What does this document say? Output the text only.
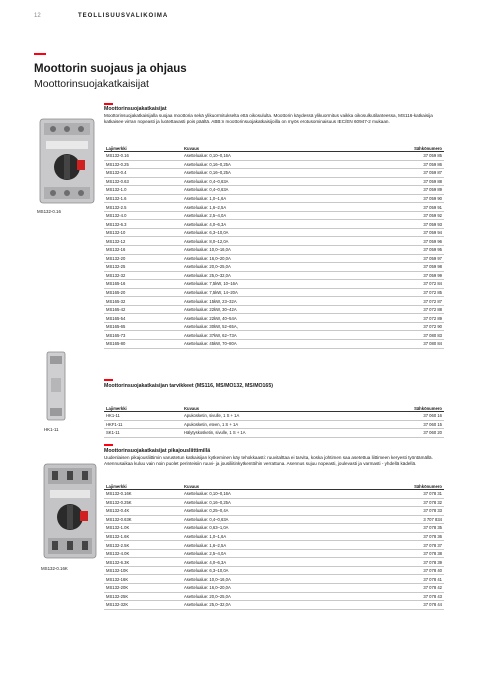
12	TEOLLISUUSVALIKOIMA
Moottorin suojaus ja ohjaus
Moottorinsuojakatkaisijat
Moottorinsuojakatkaisijat
Moottorinsuojakatkaisijalla suojaa moottoria sekä ylikuormitukselta että oikosululta. Moottorin käydessä ylikuormitus vaikka oikosulkutilanteessa, MS116-katkaisija katkaisee virran nopeasti ja luotettavasti pois päältä. ABB:n moottorinsuojakatkaisijoilla on myös erotusominaisuus IEC/EN 60947-2 mukaan.
MS132-0.16
Lajimerkki	Kuvaus	Sähkönumero
MS132-0.16	Asettelualue: 0,10–0,16A	37 059 85
MS132-0.25	Asettelualue: 0,16–0,25A	37 059 86
MS132-0.4	Asettelualue: 0,16–0,25A	37 059 87
MS132-0.63	Asettelualue: 0,4–0,63A	37 059 88
MS132-1.0	Asettelualue: 0,4–0,63A	37 059 89
MS132-1.6	Asettelualue: 1,0–1,6A	37 059 90
MS132-2.5	Asettelualue: 1,6–2,5A	37 059 91
MS132-4.0	Asettelualue: 2,5–4,0A	37 059 92
MS132-6.3	Asettelualue: 4,0–6,3A	37 059 93
MS132-10	Asettelualue: 6,3–10,0A	37 059 94
MS132-12	Asettelualue: 8,0–12,0A	37 059 96
MS132-16	Asettelualue: 10,0–16,0A	37 059 95
MS132-20	Asettelualue: 16,0–20,0A	37 059 97
MS132-25	Asettelualue: 20,0–25,0A	37 059 98
MS132-32	Asettelualue: 25,0–32,0A	37 059 99
MS165-16	Asettelualue: 7,5kW, 10–16A	37 072 84
MS165-20	Asettelualue: 7,5kW, 14–20A	37 072 85
MS165-32	Asettelualue: 15kW, 23–32A	37 072 87
MS165-42	Asettelualue: 22kW, 30–42A	37 072 88
MS165-54	Asettelualue: 22kW, 40–54A	37 072 89
MS165-65	Asettelualue: 30kW, 52–65A,	37 072 90
MS165-73	Asettelualue: 37kW, 62–73A	37 080 83
MS165-80	Asettelualue: 45kW, 70–80A	37 080 84
Moottorinsuojakatkaisijan tarvikkeet (MS116, MS/MO132, MS/MO165)
HK1-11
Lajimerkki	Kuvaus	Sähkönumero
HK1-11	Apukosketin, sivulle, 1 S + 1A	37 060 16
HKF1-11	Apukosketin, eteen, 1 S + 1A	37 060 15
SK1-11	Hälytyskosketin, sivulle, 1 S + 1A	37 060 20
Moottorinsuojakatkaisijat pikajousliittimillä
Uudenlaisen pikajousliittimin varustetun katkaisijan kytkeminen käy tehokkaasti: ruuvitalttaa ei tarvita, koska johtimen saa asetettua liittimeen keryesti työntämällä. Asennusaikaa kuluu vain noin puolet perinteisiin ruuvi- ja jousiliitinkytkentöihin verrattuna. Asennus sujuu nopeasti, joulevasti ja varmasti - yhdellä kädellä.
MS132-0.16K
Lajimerkki	Kuvaus	Sähkönumero
MS132-0.16K	Asettelualue: 0,10–0,16A	37 078 31
MS132-0.25K	Asettelualue: 0,16–0,25A	37 078 32
MS132-0.4K	Asettelualue: 0,25–0,4A	37 078 33
MS132-0.63K	Asettelualue: 0,4–0,63A	3 707 834
MS132-1.0K	Asettelualue: 0,63–1,0A	37 078 35
MS132-1.6K	Asettelualue: 1,0–1,6A	37 078 36
MS132-2.5K	Asettelualue: 1,6–2,5A	37 078 37
MS132-4.0K	Asettelualue: 2,5–4,0A	37 078 38
MS132-6.3K	Asettelualue: 4,0–6,3A	37 078 39
MS132-10K	Asettelualue: 6,3–10,0A	37 078 40
MS132-16K	Asettelualue: 10,0–16,0A	37 078 41
MS132-20K	Asettelualue: 16,0–20,0A	37 078 42
MS132-25K	Asettelualue: 20,0–25,0A	37 078 43
MS132-32K	Asettelualue: 25,0–32,0A	37 078 44
